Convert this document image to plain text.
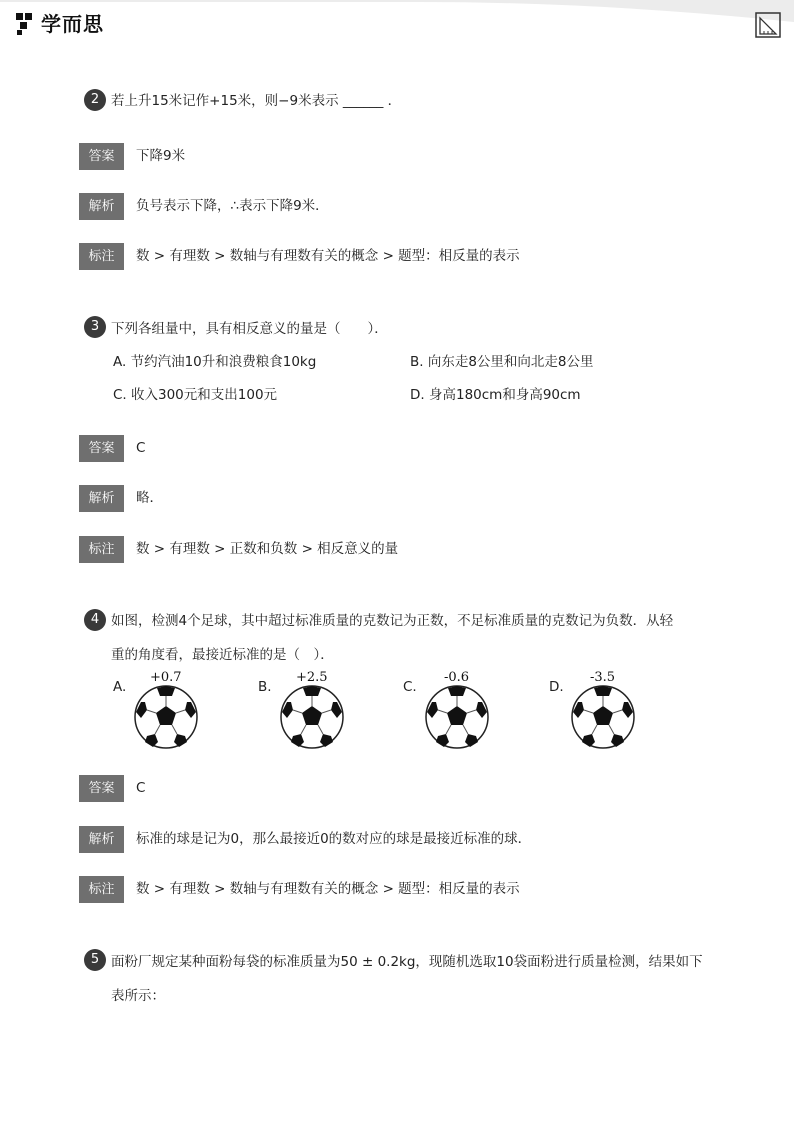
学而思
2 若上升15米记作+15米，则−9米表示 ______ ．
答案	下降9米
解析	负号表示下降，∴表示下降9米．
标注	数 > 有理数 > 数轴与有理数有关的概念 > 题型：相反量的表示
3 下列各组量中，具有相反意义的量是（　　）．
A. 节约汽油10升和浪费粮食10kg	B. 向东走8公里和向北走8公里
C. 收入300元和支出100元	D. 身高180cm和身高90cm
答案	C
解析	略．
标注	数 > 有理数 > 正数和负数 > 相反意义的量
4 如图，检测4个足球，其中超过标准质量的克数记为正数，不足标准质量的克数记为负数．从轻
重的角度看，最接近标准的是（　）．
A.
+0.7
B.
+2.5
C.
-0.6
D.
-3.5
答案	C
解析	标准的球是记为0，那么最接近0的数对应的球是最接近标准的球．
标注	数 > 有理数 > 数轴与有理数有关的概念 > 题型：相反量的表示
5 面粉厂规定某种面粉每袋的标准质量为50 ± 0.2kg，现随机选取10袋面粉进行质量检测，结果如下
表所示：
